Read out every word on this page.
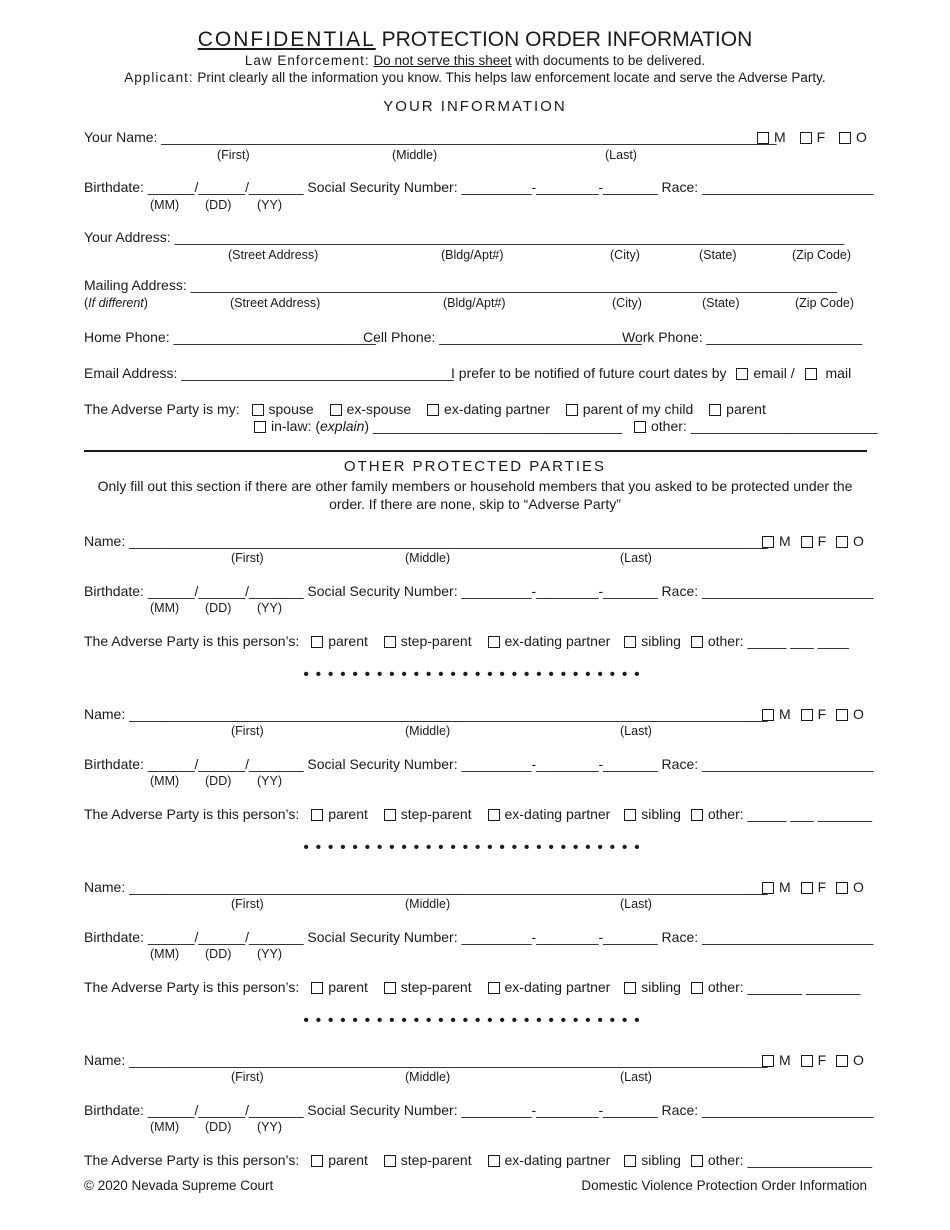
CONFIDENTIAL PROTECTION ORDER INFORMATION
Law Enforcement: Do not serve this sheet with documents to be delivered.
Applicant: Print clearly all the information you know. This helps law enforcement locate and serve the Adverse Party.
YOUR INFORMATION
Your Name: _______________________________________________________________________________
M F O
(First)	(Middle)	(Last)
Birthdate: ______/______/_______ Social Security Number: _________-________-_______ Race: ______________________
(MM) (DD) (YY)
Your Address: ______________________________________________________________________________________
(Street Address)	(Bldg/Apt#)	(City)	(State)	(Zip Code)
Mailing Address: ___________________________________________________________________________________
(If different)	(Street Address)	(Bldg/Apt#)	(City)	(State)	(Zip Code)
Home Phone: __________________________
Cell Phone: __________________________
Work Phone: ____________________
Email Address: ___________________________________
I prefer to be notified of future court dates by email / mail
The Adverse Party is my: spouse ex-spouse ex-dating partner parent of my child parent
in-law: (explain) ________________________________ other: ________________________
OTHER PROTECTED PARTIES
Only fill out this section if there are other family members or household members that you asked to be protected under the order. If there are none, skip to “Adverse Party”
Name: __________________________________________________________________________________ M F O
(First)	(Middle)	(Last)
Birthdate: ______/______/_______ Social Security Number: _________-________-_______ Race: ______________________
(MM) (DD) (YY)
The Adverse Party is this person’s: parent step-parent ex-dating partner sibling other: _____ ___ ____
••••••••••••••••••••••••••••
Name: __________________________________________________________________________________ M F O
(First)	(Middle)	(Last)
Birthdate: ______/______/_______ Social Security Number: _________-________-_______ Race: ______________________
(MM) (DD) (YY)
The Adverse Party is this person’s: parent step-parent ex-dating partner sibling other: _____ ___ _______
••••••••••••••••••••••••••••
Name: __________________________________________________________________________________ M F O
(First)	(Middle)	(Last)
Birthdate: ______/______/_______ Social Security Number: _________-________-_______ Race: ______________________
(MM) (DD) (YY)
The Adverse Party is this person’s: parent step-parent ex-dating partner sibling other: _______ _______
••••••••••••••••••••••••••••
Name: __________________________________________________________________________________ M F O
(First)	(Middle)	(Last)
Birthdate: ______/______/_______ Social Security Number: _________-________-_______ Race: ______________________
(MM) (DD) (YY)
The Adverse Party is this person’s: parent step-parent ex-dating partner sibling other: ________________
© 2020 Nevada Supreme Court	Domestic Violence Protection Order Information
